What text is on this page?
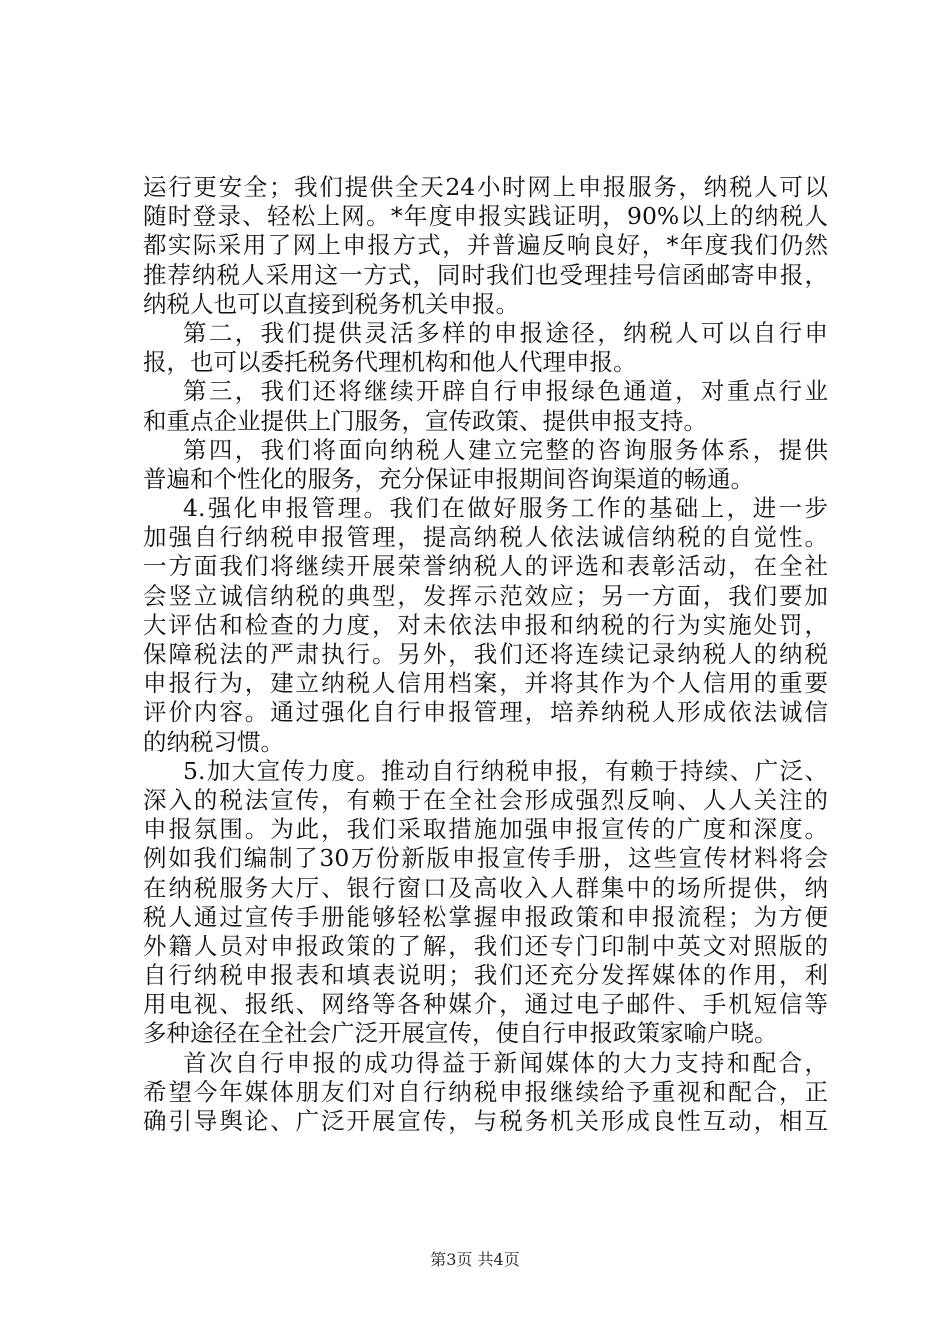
运行更安全；我们提供全天24小时网上申报服务，纳税人可以
随时登录、轻松上网。*年度申报实践证明，90%以上的纳税人
都实际采用了网上申报方式，并普遍反响良好，*年度我们仍然
推荐纳税人采用这一方式，同时我们也受理挂号信函邮寄申报，
纳税人也可以直接到税务机关申报。
第二，我们提供灵活多样的申报途径，纳税人可以自行申
报，也可以委托税务代理机构和他人代理申报。
第三，我们还将继续开辟自行申报绿色通道，对重点行业
和重点企业提供上门服务，宣传政策、提供申报支持。
第四，我们将面向纳税人建立完整的咨询服务体系，提供
普遍和个性化的服务，充分保证申报期间咨询渠道的畅通。
4.强化申报管理。我们在做好服务工作的基础上，进一步
加强自行纳税申报管理，提高纳税人依法诚信纳税的自觉性。
一方面我们将继续开展荣誉纳税人的评选和表彰活动，在全社
会竖立诚信纳税的典型，发挥示范效应；另一方面，我们要加
大评估和检查的力度，对未依法申报和纳税的行为实施处罚，
保障税法的严肃执行。另外，我们还将连续记录纳税人的纳税
申报行为，建立纳税人信用档案，并将其作为个人信用的重要
评价内容。通过强化自行申报管理，培养纳税人形成依法诚信
的纳税习惯。
5.加大宣传力度。推动自行纳税申报，有赖于持续、广泛、
深入的税法宣传，有赖于在全社会形成强烈反响、人人关注的
申报氛围。为此，我们采取措施加强申报宣传的广度和深度。
例如我们编制了30万份新版申报宣传手册，这些宣传材料将会
在纳税服务大厅、银行窗口及高收入人群集中的场所提供，纳
税人通过宣传手册能够轻松掌握申报政策和申报流程；为方便
外籍人员对申报政策的了解，我们还专门印制中英文对照版的
自行纳税申报表和填表说明；我们还充分发挥媒体的作用，利
用电视、报纸、网络等各种媒介，通过电子邮件、手机短信等
多种途径在全社会广泛开展宣传，使自行申报政策家喻户晓。
首次自行申报的成功得益于新闻媒体的大力支持和配合，
希望今年媒体朋友们对自行纳税申报继续给予重视和配合，正
确引导舆论、广泛开展宣传，与税务机关形成良性互动，相互
第3页 共4页
